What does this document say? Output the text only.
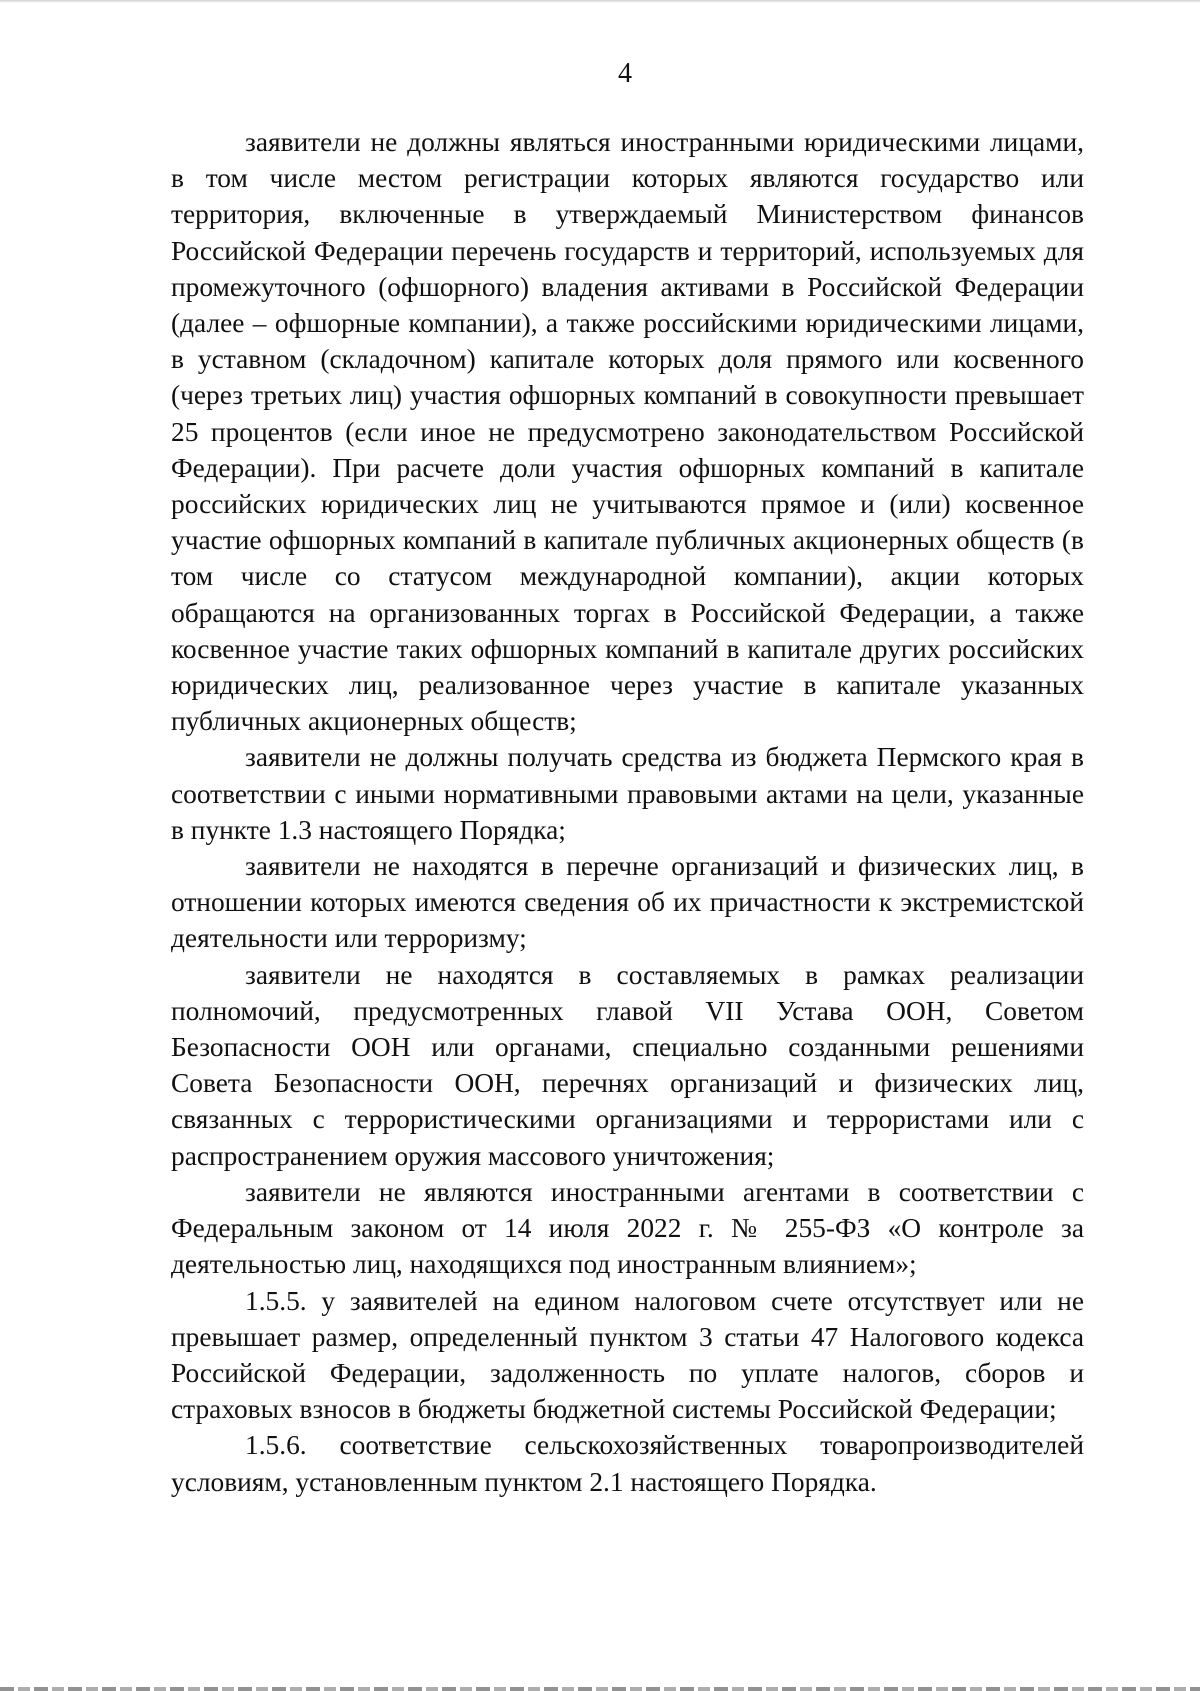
4

заявители не должны являться иностранными юридическими лицами, в том числе местом регистрации которых являются государство или территория, включенные в утверждаемый Министерством финансов Российской Федерации перечень государств и территорий, используемых для промежуточного (офшорного) владения активами в Российской Федерации (далее – офшорные компании), а также российскими юридическими лицами, в уставном (складочном) капитале которых доля прямого или косвенного (через третьих лиц) участия офшорных компаний в совокупности превышает 25 процентов (если иное не предусмотрено законодательством Российской Федерации). При расчете доли участия офшорных компаний в капитале российских юридических лиц не учитываются прямое и (или) косвенное участие офшорных компаний в капитале публичных акционерных обществ (в том числе со статусом международной компании), акции которых обращаются на организованных торгах в Российской Федерации, а также косвенное участие таких офшорных компаний в капитале других российских юридических лиц, реализованное через участие в капитале указанных публичных акционерных обществ;

заявители не должны получать средства из бюджета Пермского края в соответствии с иными нормативными правовыми актами на цели, указанные в пункте 1.3 настоящего Порядка;

заявители не находятся в перечне организаций и физических лиц, в отношении которых имеются сведения об их причастности к экстремистской деятельности или терроризму;

заявители не находятся в составляемых в рамках реализации полномочий, предусмотренных главой VII Устава ООН, Советом Безопасности ООН или органами, специально созданными решениями Совета Безопасности ООН, перечнях организаций и физических лиц, связанных с террористическими организациями и террористами или с распространением оружия массового уничтожения;

заявители не являются иностранными агентами в соответствии с Федеральным законом от 14 июля 2022 г. № 255-ФЗ «О контроле за деятельностью лиц, находящихся под иностранным влиянием»;

1.5.5. у заявителей на едином налоговом счете отсутствует или не превышает размер, определенный пунктом 3 статьи 47 Налогового кодекса Российской Федерации, задолженность по уплате налогов, сборов и страховых взносов в бюджеты бюджетной системы Российской Федерации;

1.5.6. соответствие сельскохозяйственных товаропроизводителей условиям, установленным пунктом 2.1 настоящего Порядка.
